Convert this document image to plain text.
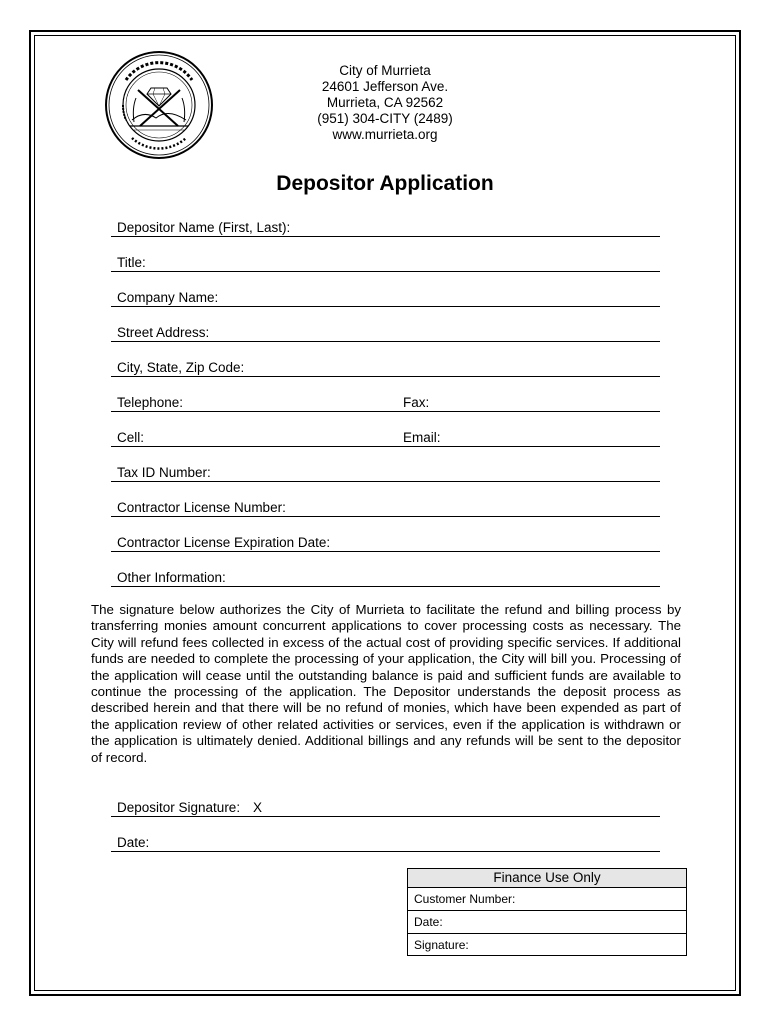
City of Murrieta
24601 Jefferson Ave.
Murrieta, CA 92562
(951) 304-CITY (2489)
www.murrieta.org
Depositor Application
Depositor Name (First, Last):
Title:
Company Name:
Street Address:
City, State, Zip Code:
Telephone:	Fax:
Cell:	Email:
Tax ID Number:
Contractor License Number:
Contractor License Expiration Date:
Other Information:
The signature below authorizes the City of Murrieta to facilitate the refund and billing process by transferring monies amount concurrent applications to cover processing costs as necessary. The City will refund fees collected in excess of the actual cost of providing specific services. If additional funds are needed to complete the processing of your application, the City will bill you. Processing of the application will cease until the outstanding balance is paid and sufficient funds are available to continue the processing of the application. The Depositor understands the deposit process as described herein and that there will be no refund of monies, which have been expended as part of the application review of other related activities or services, even if the application is withdrawn or the application is ultimately denied. Additional billings and any refunds will be sent to the depositor of record.
Depositor Signature: X
Date:
Finance Use Only
Customer Number:
Date:
Signature:
